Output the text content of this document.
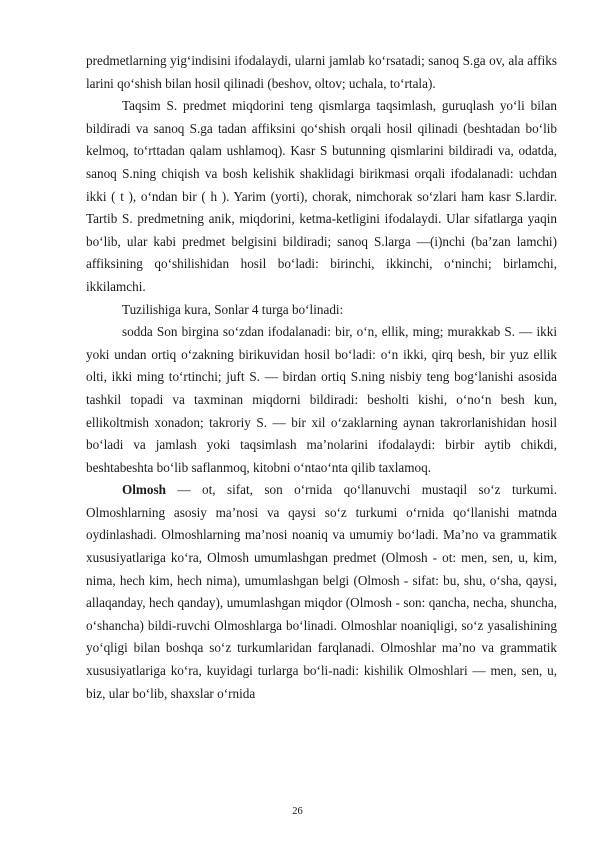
predmetlarning yigʻindisini ifodalaydi, ularni jamlab koʻrsatadi; sanoq S.ga ov, ala affiks larini qoʻshish bilan hosil qilinadi (beshov, oltov; uchala, toʻrtala).

Taqsim S. predmet miqdorini teng qismlarga taqsimlash, guruqlash yoʻli bilan bildiradi va sanoq S.ga tadan affiksini qoʻshish orqali hosil qilinadi (beshtadan boʻlib kelmoq, toʻrttadan qalam ushlamoq). Kasr S butunning qismlarini bildiradi va, odatda, sanoq S.ning chiqish va bosh kelishik shaklidagi birikmasi orqali ifodalanadi: uchdan ikki ( t ), oʻndan bir ( h ). Yarim (yorti), chorak, nimchorak soʻzlari ham kasr S.lardir. Tartib S. predmetning anik, miqdorini, ketma-ketligini ifodalaydi. Ular sifatlarga yaqin boʻlib, ular kabi predmet belgisini bildiradi; sanoq S.larga —(i)nchi (baʼzan lamchi) affiksining qoʻshilishidan hosil boʻladi: birinchi, ikkinchi, oʻninchi; birlamchi, ikkilamchi.

Tuzilishiga kura, Sonlar 4 turga boʻlinadi:

sodda Son birgina soʻzdan ifodalanadi: bir, oʻn, ellik, ming; murakkab S. — ikki yoki undan ortiq oʻzakning birikuvidan hosil boʻladi: oʻn ikki, qirq besh, bir yuz ellik olti, ikki ming toʻrtinchi; juft S. — birdan ortiq S.ning nisbiy teng bogʻlanishi asosida tashkil topadi va taxminan miqdorni bildiradi: besholti kishi, oʻnoʻn besh kun, ellikoltmish xonadon; takroriy S. — bir xil oʻzaklarning aynan takrorlanishidan hosil boʻladi va jamlash yoki taqsimlash maʼnolarini ifodalaydi: birbir aytib chikdi, beshtabeshta boʻlib saflanmoq, kitobni oʻntaoʻnta qilib taxlamoq.

Olmosh — ot, sifat, son oʻrnida qoʻllanuvchi mustaqil soʻz turkumi. Olmoshlarning asosiy maʼnosi va qaysi soʻz turkumi oʻrnida qoʻllanishi matnda oydinlashadi. Olmoshlarning maʼnosi noaniq va umumiy boʻladi. Maʼno va grammatik xususiyatlariga koʻra, Olmosh umumlashgan predmet (Olmosh - ot: men, sen, u, kim, nima, hech kim, hech nima), umumlashgan belgi (Olmosh - sifat: bu, shu, oʻsha, qaysi, allaqanday, hech qanday), umumlashgan miqdor (Olmosh - son: qancha, necha, shuncha, oʻshancha) bildi-ruvchi Olmoshlarga boʻlinadi. Olmoshlar noaniqligi, soʻz yasalishining yoʻqligi bilan boshqa soʻz turkumlaridan farqlanadi. Olmoshlar maʼno va grammatik xususiyatlariga koʻra, kuyidagi turlarga boʻli-nadi: kishilik Olmoshlari — men, sen, u, biz, ular boʻlib, shaxslar oʻrnida

26
